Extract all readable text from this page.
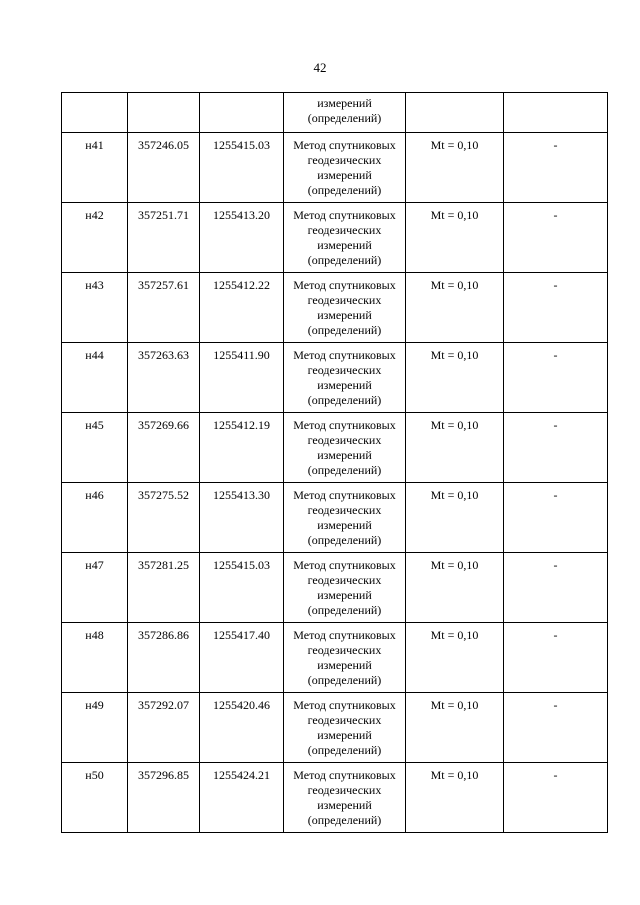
42
			измерений
(определений)		
н41	357246.05	1255415.03	Метод спутниковых
геодезических
измерений
(определений)	Mt = 0,10	-
н42	357251.71	1255413.20	Метод спутниковых
геодезических
измерений
(определений)	Mt = 0,10	-
н43	357257.61	1255412.22	Метод спутниковых
геодезических
измерений
(определений)	Mt = 0,10	-
н44	357263.63	1255411.90	Метод спутниковых
геодезических
измерений
(определений)	Mt = 0,10	-
н45	357269.66	1255412.19	Метод спутниковых
геодезических
измерений
(определений)	Mt = 0,10	-
н46	357275.52	1255413.30	Метод спутниковых
геодезических
измерений
(определений)	Mt = 0,10	-
н47	357281.25	1255415.03	Метод спутниковых
геодезических
измерений
(определений)	Mt = 0,10	-
н48	357286.86	1255417.40	Метод спутниковых
геодезических
измерений
(определений)	Mt = 0,10	-
н49	357292.07	1255420.46	Метод спутниковых
геодезических
измерений
(определений)	Mt = 0,10	-
н50	357296.85	1255424.21	Метод спутниковых
геодезических
измерений
(определений)	Mt = 0,10	-
